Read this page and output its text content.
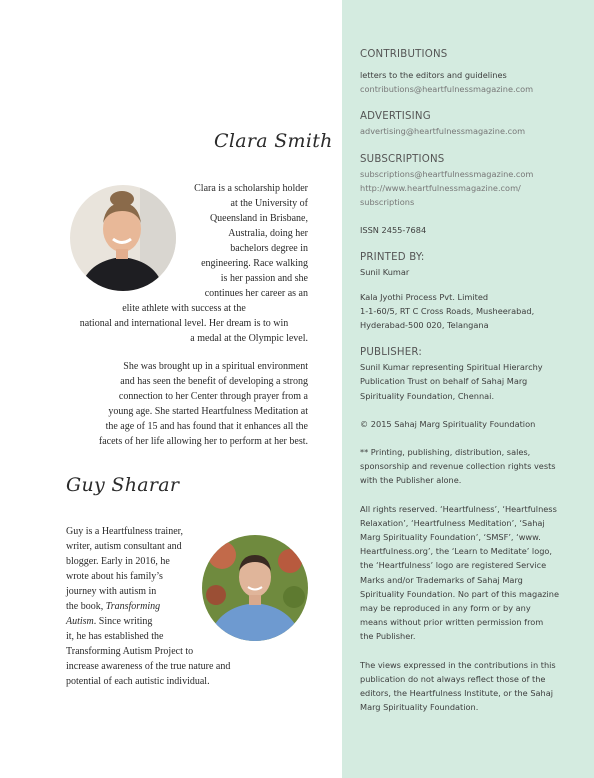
Clara Smith
Clara is a scholarship holder
at the University of
Queensland in Brisbane,
Australia, doing her
bachelors degree in
engineering. Race walking
is her passion and she
continues her career as an
elite athlete with success at the
national and international level. Her dream is to win
a medal at the Olympic level.
She was brought up in a spiritual environment
and has seen the benefit of developing a strong
connection to her Center through prayer from a
young age. She started Heartfulness Meditation at
the age of 15 and has found that it enhances all the
facets of her life allowing her to perform at her best.
Guy Sharar
Guy is a Heartfulness trainer,
writer, autism consultant and
blogger. Early in 2016, he
wrote about his family’s
journey with autism in
the book, Transforming
Autism. Since writing
it, he has established the
Transforming Autism Project to
increase awareness of the true nature and
potential of each autistic individual.
CONTRIBUTIONS
letters to the editors and guidelines
contributions@heartfulnessmagazine.com
ADVERTISING
advertising@heartfulnessmagazine.com
SUBSCRIPTIONS
subscriptions@heartfulnessmagazine.com
http://www.heartfulnessmagazine.com/
subscriptions
ISSN 2455-7684
PRINTED BY:
Sunil Kumar
Kala Jyothi Process Pvt. Limited
1-1-60/5, RT C Cross Roads, Musheerabad,
Hyderabad-500 020, Telangana
PUBLISHER:
Sunil Kumar representing Spiritual Hierarchy
Publication Trust on behalf of Sahaj Marg
Spirituality Foundation, Chennai.
© 2015 Sahaj Marg Spirituality Foundation
** Printing, publishing, distribution, sales,
sponsorship and revenue collection rights vests
with the Publisher alone.
All rights reserved. ‘Heartfulness’, ‘Heartfulness
Relaxation’, ‘Heartfulness Meditation’, ‘Sahaj
Marg Spirituality Foundation’, ‘SMSF’, ‘www.
Heartfulness.org’, the ‘Learn to Meditate’ logo,
the ‘Heartfulness’ logo are registered Service
Marks and/or Trademarks of Sahaj Marg
Spirituality Foundation. No part of this magazine
may be reproduced in any form or by any
means without prior written permission from
the Publisher.
The views expressed in the contributions in this
publication do not always reflect those of the
editors, the Heartfulness Institute, or the Sahaj
Marg Spirituality Foundation.
